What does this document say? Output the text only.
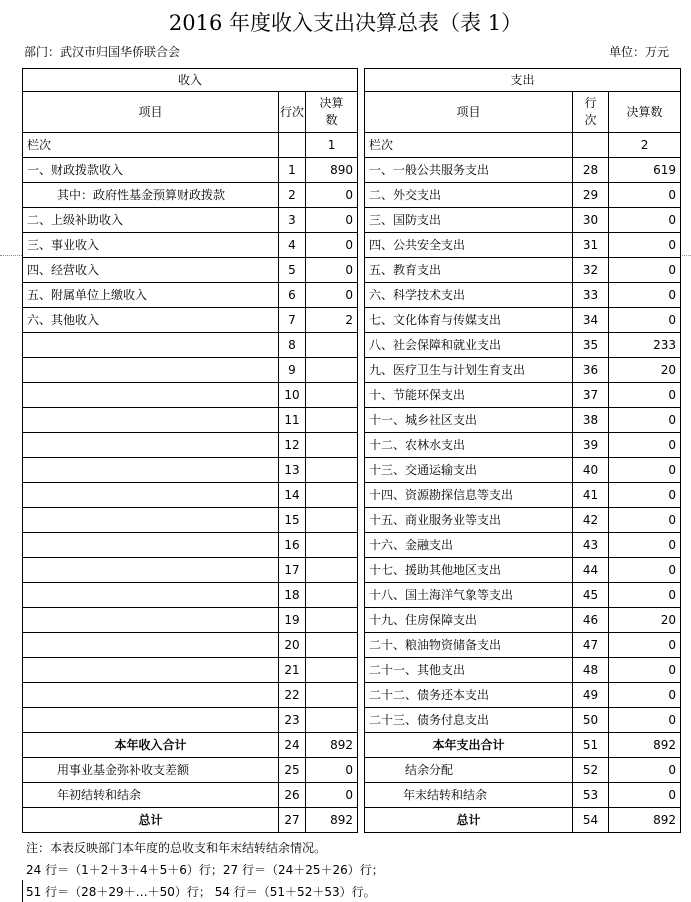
2016 年度收入支出决算总表（表 1）
部门：武汉市归国华侨联合会	单位：万元
收入				支出		
项目	行次	决算数		项目	行次	决算数
栏次		1		栏次		2
一、财政拨款收入	1	890		一、一般公共服务支出	28	619
其中：政府性基金预算财政拨款	2	0		二、外交支出	29	0
二、上级补助收入	3	0		三、国防支出	30	0
三、事业收入	4	0		四、公共安全支出	31	0
四、经营收入	5	0		五、教育支出	32	0
五、附属单位上缴收入	6	0		六、科学技术支出	33	0
六、其他收入	7	2		七、文化体育与传媒支出	34	0
	8			八、社会保障和就业支出	35	233
	9			九、医疗卫生与计划生育支出	36	20
	10			十、节能环保支出	37	0
	11			十一、城乡社区支出	38	0
	12			十二、农林水支出	39	0
	13			十三、交通运输支出	40	0
	14			十四、资源勘探信息等支出	41	0
	15			十五、商业服务业等支出	42	0
	16			十六、金融支出	43	0
	17			十七、援助其他地区支出	44	0
	18			十八、国土海洋气象等支出	45	0
	19			十九、住房保障支出	46	20
	20			二十、粮油物资储备支出	47	0
	21			二十一、其他支出	48	0
	22			二十二、债务还本支出	49	0
	23			二十三、债务付息支出	50	0
本年收入合计	24	892		本年支出合计	51	892
用事业基金弥补收支差额	25	0		结余分配	52	0
年初结转和结余	26	0		年末结转和结余	53	0
总计	27	892		总计	54	892
注：本表反映部门本年度的总收支和年末结转结余情况。
24 行＝（1＋2＋3＋4＋5＋6）行；27 行＝（24＋25＋26）行；
51 行＝（28＋29＋…＋50）行； 54 行＝（51＋52＋53）行。
